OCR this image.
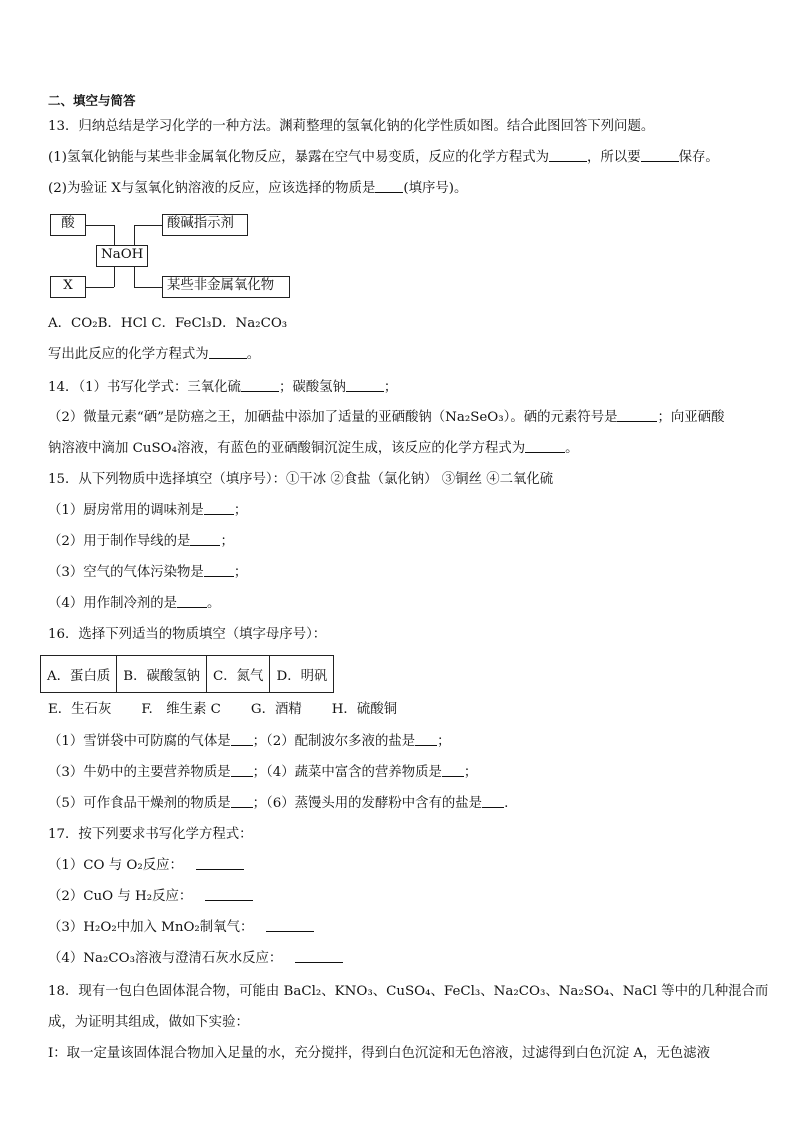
二、填空与简答
13．归纳总结是学习化学的一种方法。渊莉整理的氢氧化钠的化学性质如图。结合此图回答下列问题。
(1)氢氧化钠能与某些非金属氧化物反应，暴露在空气中易变质，反应的化学方程式为	，所以要	保存。
(2)为验证 X与氢氧化钠溶液的反应，应该选择的物质是 (填序号)。
酸	酸碱指示剂
NaOH
X	某些非金属氧化物
A．CO₂B．HCl C．FeCl₃D．Na₂CO₃
写出此反应的化学方程式为	。
14．（1）书写化学式：三氧化硫	；碳酸氢钠	；
（2）微量元素“硒”是防癌之王，加硒盐中添加了适量的亚硒酸钠（Na₂SeO₃）。硒的元素符号是	；向亚硒酸
钠溶液中滴加 CuSO₄溶液，有蓝色的亚硒酸铜沉淀生成，该反应的化学方程式为	。
15．从下列物质中选择填空（填序号）：①干冰 ②食盐（氯化钠） ③铜丝 ④二氧化硫
（1）厨房常用的调味剂是 ；
（2）用于制作导线的是 ；
（3）空气的气体污染物是 ；
（4）用作制冷剂的是 。
16．选择下列适当的物质填空（填字母序号）：
A．蛋白质	B．碳酸氢钠	C．氮气	D．明矾
E．生石灰 F.　维生素 C G．酒精 H．硫酸铜
（1）雪饼袋中可防腐的气体是 ；（2）配制波尔多液的盐是 ；
（3）牛奶中的主要营养物质是 ；（4）蔬菜中富含的营养物质是 ；
（5）可作食品干燥剂的物质是 ；（6）蒸馒头用的发酵粉中含有的盐是 .
17．按下列要求书写化学方程式：
（1）CO 与 O₂反应：
（2）CuO 与 H₂反应：
（3）H₂O₂中加入 MnO₂制氧气：
（4）Na₂CO₃溶液与澄清石灰水反应：
18．现有一包白色固体混合物，可能由 BaCl₂、KNO₃、CuSO₄、FeCl₃、Na₂CO₃、Na₂SO₄、NaCl 等中的几种混合而
成，为证明其组成，做如下实验：
Ⅰ：取一定量该固体混合物加入足量的水，充分搅拌，得到白色沉淀和无色溶液，过滤得到白色沉淀 A，无色滤液
